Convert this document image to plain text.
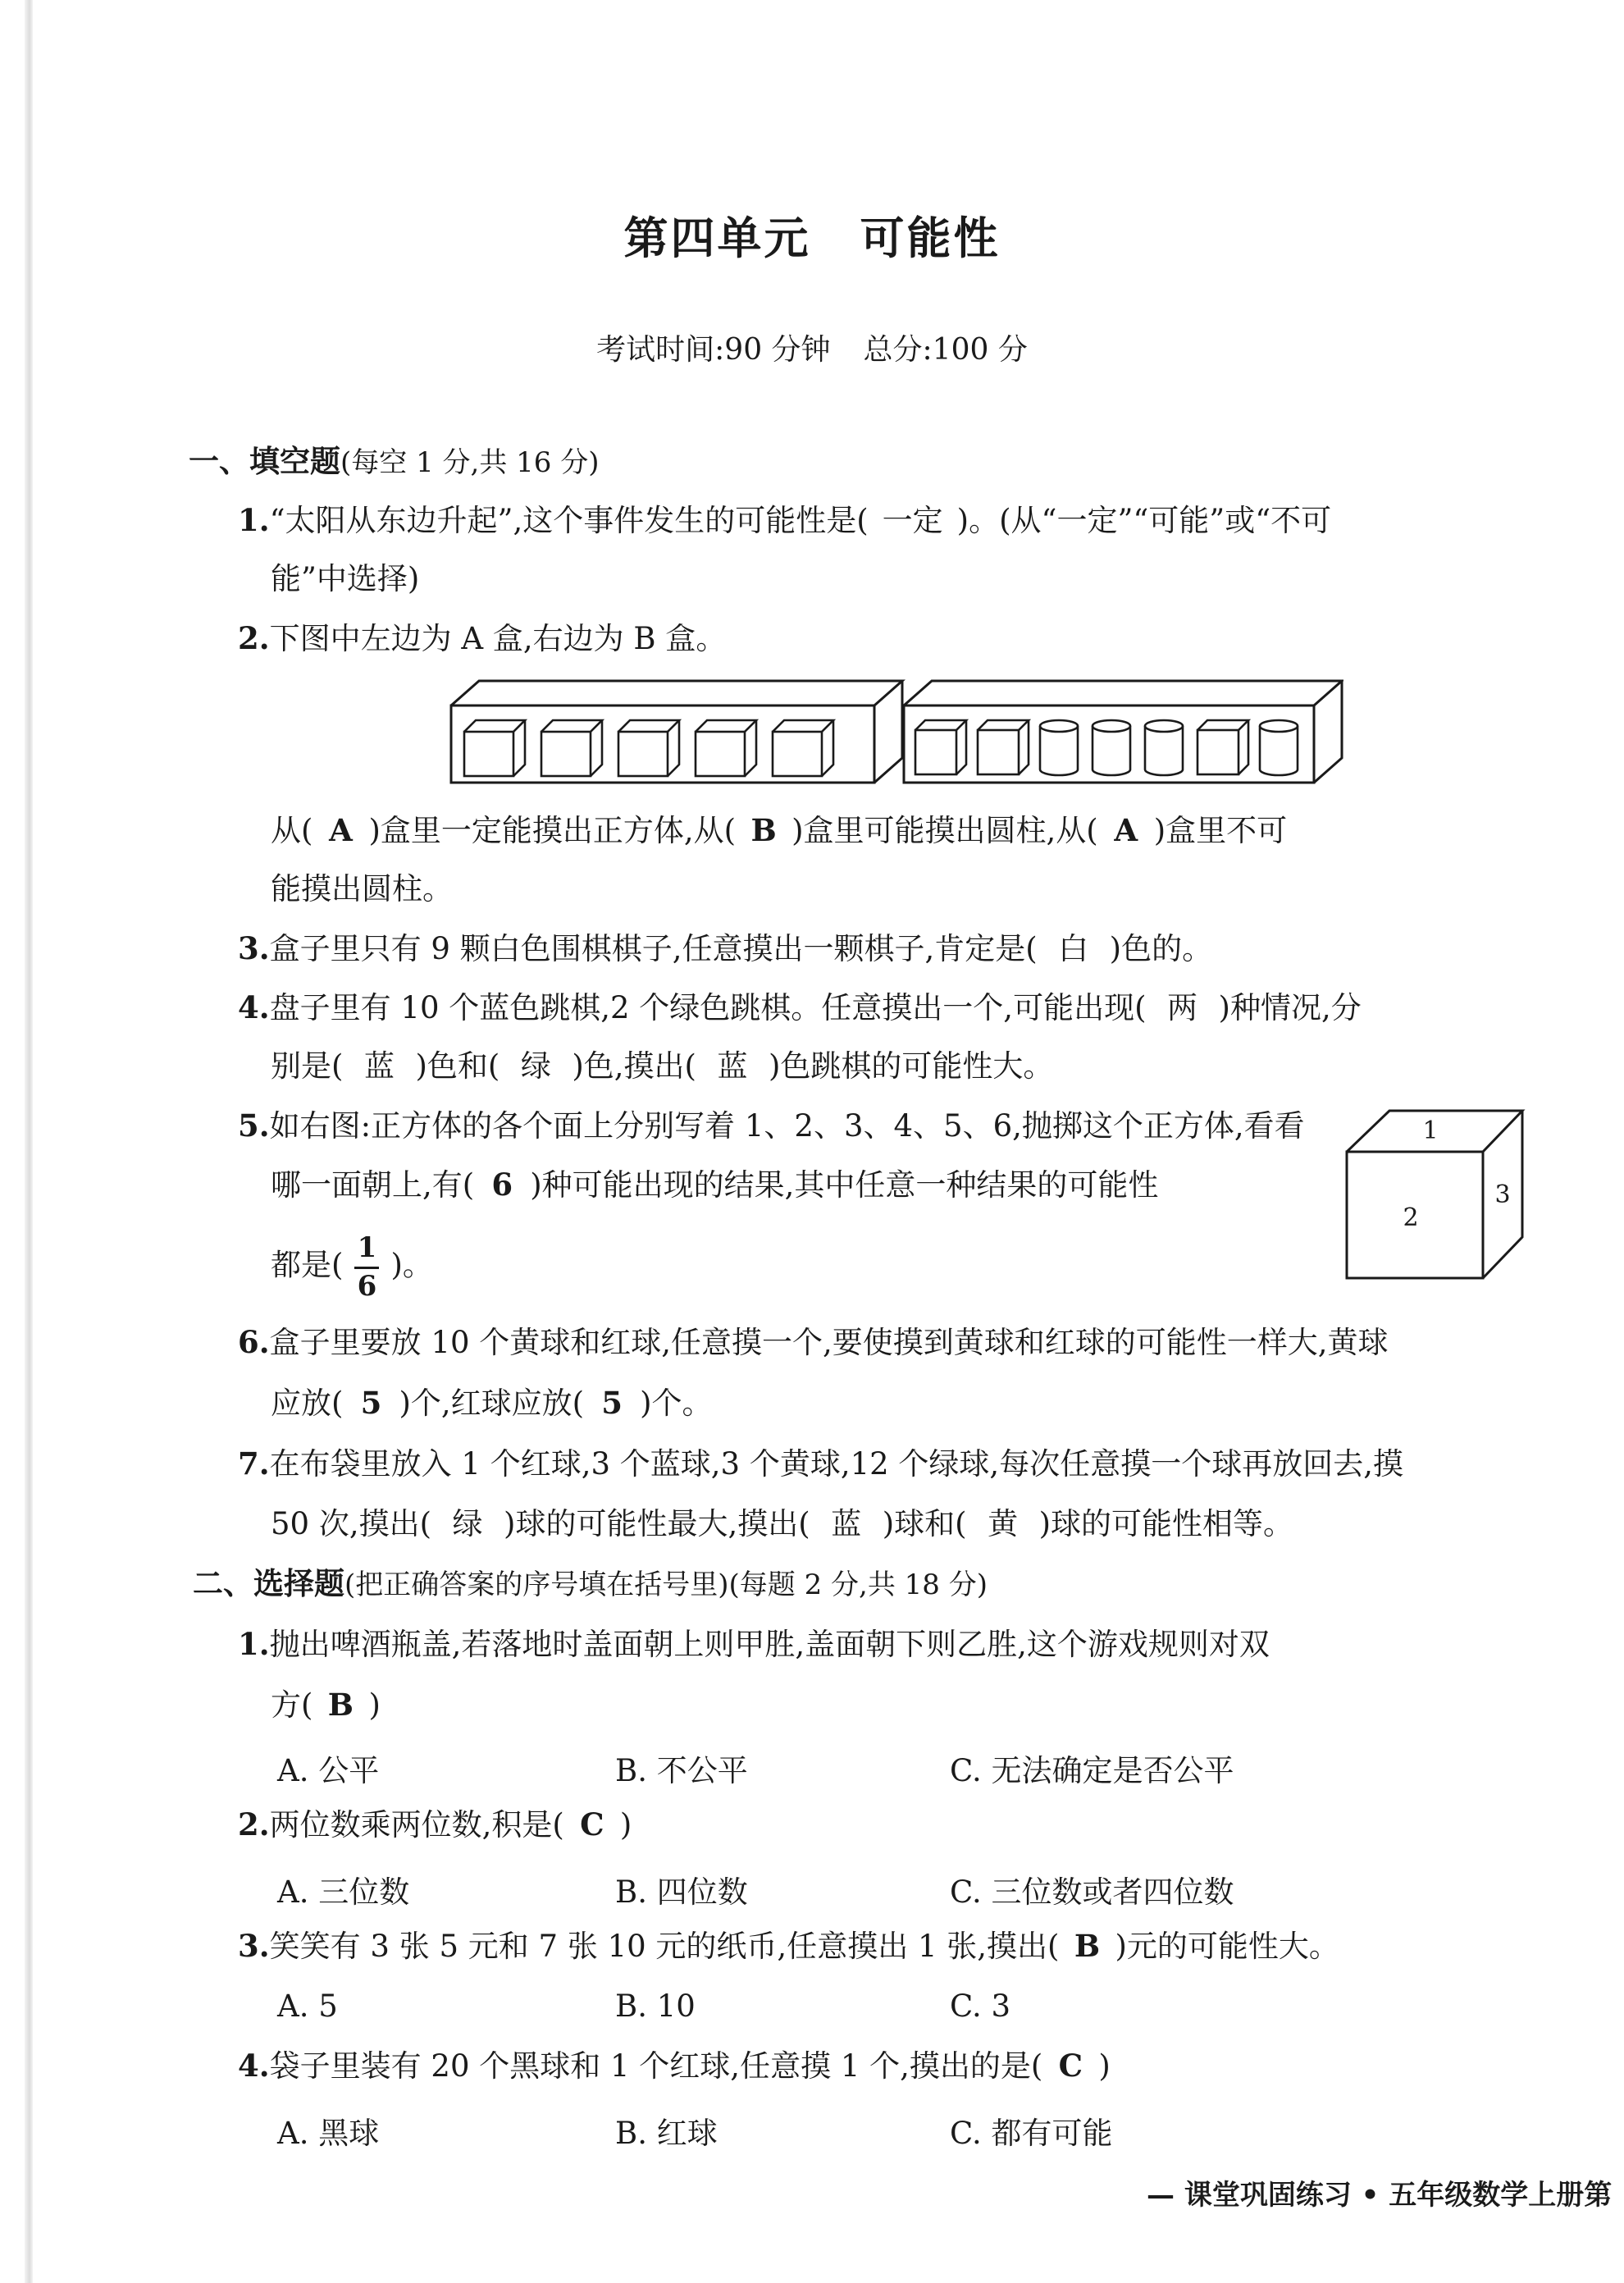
第四单元 可能性
考试时间:90 分钟 总分:100 分
一、填空题(每空 1 分,共 16 分)
1.“太阳从东边升起”,这个事件发生的可能性是( 一定 )。(从“一定”“可能”或“不可
能”中选择)
2.下图中左边为 A 盒,右边为 B 盒。
从( A )盒里一定能摸出正方体,从( B )盒里可能摸出圆柱,从( A )盒里不可
能摸出圆柱。
3.盒子里只有 9 颗白色围棋棋子,任意摸出一颗棋子,肯定是( 白 )色的。
4.盘子里有 10 个蓝色跳棋,2 个绿色跳棋。任意摸出一个,可能出现( 两 )种情况,分
别是( 蓝 )色和( 绿 )色,摸出( 蓝 )色跳棋的可能性大。
5.如右图:正方体的各个面上分别写着 1、2、3、4、5、6,抛掷这个正方体,看看
哪一面朝上,有( 6 )种可能出现的结果,其中任意一种结果的可能性
都是( $\frac{1}{6}$ )。
1
2
3
6.盒子里要放 10 个黄球和红球,任意摸一个,要使摸到黄球和红球的可能性一样大,黄球
应放( 5 )个,红球应放( 5 )个。
7.在布袋里放入 1 个红球,3 个蓝球,3 个黄球,12 个绿球,每次任意摸一个球再放回去,摸
50 次,摸出( 绿 )球的可能性最大,摸出( 蓝 )球和( 黄 )球的可能性相等。
二、选择题(把正确答案的序号填在括号里)(每题 2 分,共 18 分)
1.抛出啤酒瓶盖,若落地时盖面朝上则甲胜,盖面朝下则乙胜,这个游戏规则对双
方( B )
A. 公平	B. 不公平	C. 无法确定是否公平
2.两位数乘两位数,积是( C )
A. 三位数	B. 四位数	C. 三位数或者四位数
3.笑笑有 3 张 5 元和 7 张 10 元的纸币,任意摸出 1 张,摸出( B )元的可能性大。
A. 5	B. 10	C. 3
4.袋子里装有 20 个黑球和 1 个红球,任意摸 1 个,摸出的是( C )
A. 黑球	B. 红球	C. 都有可能
— 课堂巩固练习 • 五年级数学上册第
